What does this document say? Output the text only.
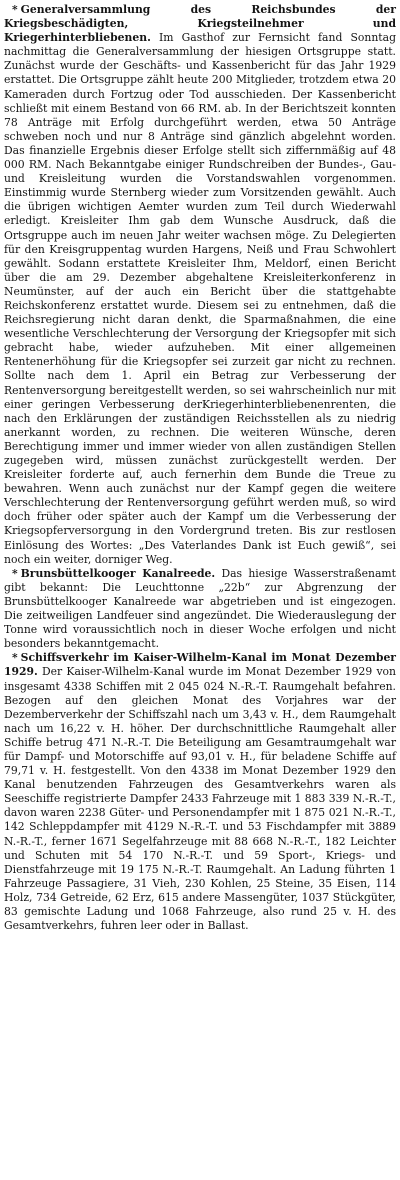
* Generalversammlung des Reichsbundes der Kriegsbeschädigten, Kriegsteilnehmer und Kriegerhinterbliebenen. Im Gasthof zur Fernsicht fand Sonntag nachmittag die Generalversammlung der hiesigen Ortsgruppe statt. Zunächst wurde der Geschäfts- und Kassenbericht für das Jahr 1929 erstattet. Die Ortsgruppe zählt heute 200 Mitglieder, trotzdem etwa 20 Kameraden durch Fortzug oder Tod ausschieden. Der Kassenbericht schließt mit einem Bestand von 66 RM. ab. In der Berichtszeit konnten 78 Anträge mit Erfolg durchgeführt werden, etwa 50 Anträge schweben noch und nur 8 Anträge sind gänzlich abgelehnt worden. Das finanzielle Ergebnis dieser Erfolge stellt sich ziffernmäßig auf 48 000 RM. Nach Bekanntgabe einiger Rundschreiben der Bundes-, Gau- und Kreisleitung wurden die Vorstandswahlen vorgenommen. Einstimmig wurde Sternberg wieder zum Vorsitzenden gewählt. Auch die übrigen wichtigen Aemter wurden zum Teil durch Wiederwahl erledigt. Kreisleiter Ihm gab dem Wunsche Ausdruck, daß die Ortsgruppe auch im neuen Jahr weiter wachsen möge. Zu Delegierten für den Kreisgruppentag wurden Hargens, Neiß und Frau Schwohlert gewählt. Sodann erstattete Kreisleiter Ihm, Meldorf, einen Bericht über die am 29. Dezember abgehaltene Kreisleiterkonferenz in Neumünster, auf der auch ein Bericht über die stattgehabte Reichskonferenz erstattet wurde. Diesem sei zu entnehmen, daß die Reichsregierung nicht daran denkt, die Sparmaßnahmen, die eine wesentliche Verschlechterung der Versorgung der Kriegsopfer mit sich gebracht habe, wieder aufzuheben. Mit einer allgemeinen Rentenerhöhung für die Kriegsopfer sei zurzeit gar nicht zu rechnen. Sollte nach dem 1. April ein Betrag zur Verbesserung der Rentenversorgung bereitgestellt werden, so sei wahrscheinlich nur mit einer geringen Verbesserung derKriegerhinterbliebenenrenten, die nach den Erklärungen der zuständigen Reichsstellen als zu niedrig anerkannt worden, zu rechnen. Die weiteren Wünsche, deren Berechtigung immer und immer wieder von allen zuständigen Stellen zugegeben wird, müssen zunächst zurückgestellt werden. Der Kreisleiter forderte auf, auch fernerhin dem Bunde die Treue zu bewahren. Wenn auch zunächst nur der Kampf gegen die weitere Verschlechterung der Rentenversorgung geführt werden muß, so wird doch früher oder später auch der Kampf um die Verbesserung der Kriegsopferversorgung in den Vordergrund treten. Bis zur restlosen Einlösung des Wortes: „Des Vaterlandes Dank ist Euch gewiß“, sei noch ein weiter, dorniger Weg.

* Brunsbüttelkooger Kanalreede. Das hiesige Wasserstraßenamt gibt bekannt: Die Leuchttonne „22b“ zur Abgrenzung der Brunsbüttelkooger Kanalreede war abgetrieben und ist eingezogen. Die zeitweiligen Landfeuer sind angezündet. Die Wiederauslegung der Tonne wird voraussichtlich noch in dieser Woche erfolgen und nicht besonders bekanntgemacht.

* Schiffsverkehr im Kaiser-Wilhelm-Kanal im Monat Dezember 1929. Der Kaiser-Wilhelm-Kanal wurde im Monat Dezember 1929 von insgesamt 4338 Schiffen mit 2 045 024 N.-R.-T. Raumgehalt befahren. Bezogen auf den gleichen Monat des Vorjahres war der Dezemberverkehr der Schiffszahl nach um 3,43 v. H., dem Raumgehalt nach um 16,22 v. H. höher. Der durchschnittliche Raumgehalt aller Schiffe betrug 471 N.-R.-T. Die Beteiligung am Gesamtraumgehalt war für Dampf- und Motorschiffe auf 93,01 v. H., für beladene Schiffe auf 79,71 v. H. festgestellt. Von den 4338 im Monat Dezember 1929 den Kanal benutzenden Fahrzeugen des Gesamtverkehrs waren als Seeschiffe registrierte Dampfer 2433 Fahrzeuge mit 1 883 339 N.-R.-T., davon waren 2238 Güter- und Personendampfer mit 1 875 021 N.-R.-T., 142 Schleppdampfer mit 4129 N.-R.-T. und 53 Fischdampfer mit 3889 N.-R.-T., ferner 1671 Segelfahrzeuge mit 88 668 N.-R.-T., 182 Leichter und Schuten mit 54 170 N.-R.-T. und 59 Sport-, Kriegs- und Dienstfahrzeuge mit 19 175 N.-R.-T. Raumgehalt. An Ladung führten 1 Fahrzeuge Passagiere, 31 Vieh, 230 Kohlen, 25 Steine, 35 Eisen, 114 Holz, 734 Getreide, 62 Erz, 615 andere Massengüter, 1037 Stückgüter, 83 gemischte Ladung und 1068 Fahrzeuge, also rund 25 v. H. des Gesamtverkehrs, fuhren leer oder in Ballast.
